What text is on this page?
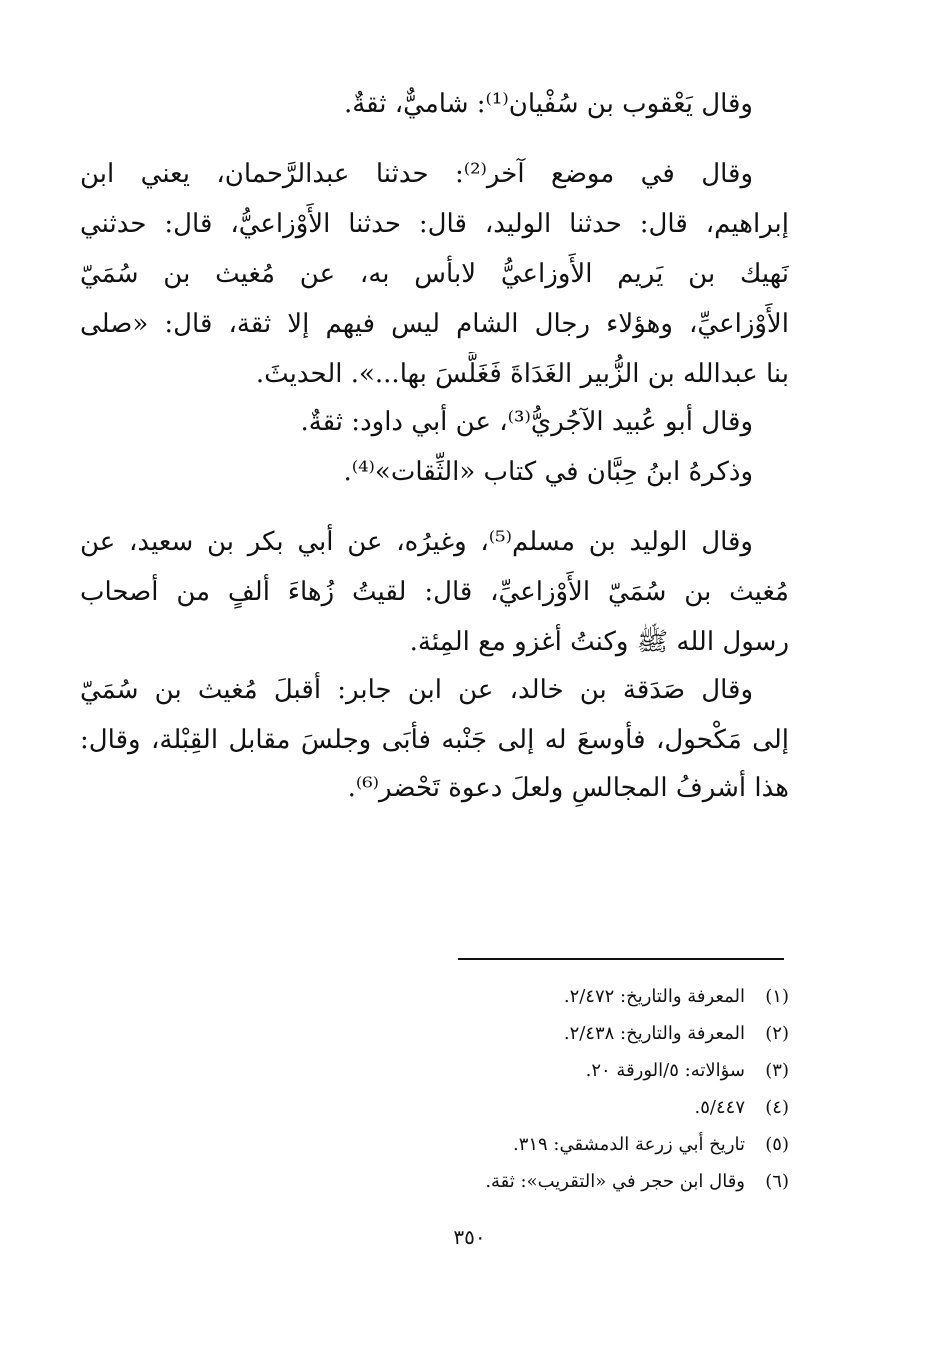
وقال يَعْقوب بن سُفْيان⁽¹⁾: شاميٌّ، ثقةٌ.
وقال في موضع آخر⁽²⁾: حدثنا عبدالرَّحمان، يعني ابن
إبراهيم، قال: حدثنا الوليد، قال: حدثنا الأَوْزاعيُّ، قال: حدثني
نَهيك بن يَريم الأَوزاعيُّ لابأس به، عن مُغيث بن سُمَيّ
الأَوْزاعيِّ، وهؤلاء رجال الشام ليس فيهم إلا ثقة، قال: «صلى
بنا عبدالله بن الزُّبير الغَدَاةَ فَغَلَّسَ بها...». الحديثَ.
وقال أبو عُبيد الآجُريُّ⁽³⁾، عن أبي داود: ثقةٌ.
وذكرهُ ابنُ حِبَّان في كتاب «الثِّقات»⁽⁴⁾.
وقال الوليد بن مسلم⁽⁵⁾، وغيرُه، عن أبي بكر بن سعيد، عن
مُغيث بن سُمَيّ الأَوْزاعيِّ، قال: لقيتُ زُهاءَ ألفٍ من أصحاب
رسول الله ﷺ وكنتُ أغزو مع المِئة.
وقال صَدَقة بن خالد، عن ابن جابر: أقبلَ مُغيث بن سُمَيّ
إلى مَكْحول، فأوسعَ له إلى جَنْبه فأبَى وجلسَ مقابل القِبْلة، وقال:
هذا أشرفُ المجالسِ ولعلَ دعوة تَحْضر⁽⁶⁾.
(١)المعرفة والتاريخ: ٢/٤٧٢.
(٢)المعرفة والتاريخ: ٢/٤٣٨.
(٣)سؤالاته: ٥/الورقة ٢٠.
(٤)٥/٤٤٧.
(٥)تاريخ أبي زرعة الدمشقي: ٣١٩.
(٦)وقال ابن حجر في «التقريب»: ثقة.
٣٥٠
